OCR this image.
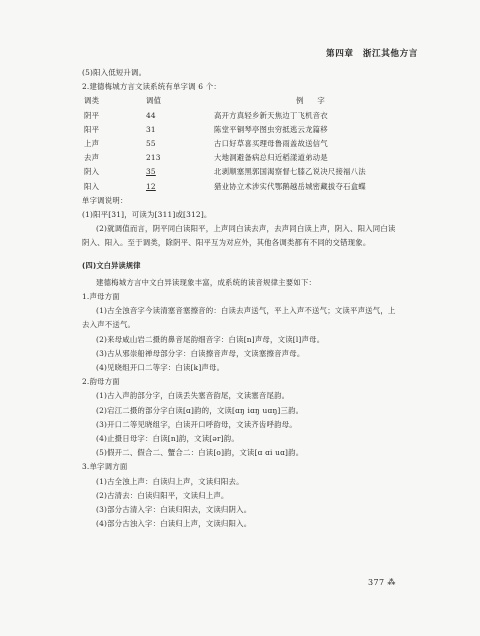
第四章　浙江其他方言
(5)阳入低短升调。
2.建德梅城方言文读系统有单字调 6 个：
调类	调值	例字
阴平	44	高开方真轻乡新天焦边丁飞机音衣
阳平	31	陈堂平铜琴亭图虫穷抵逃云龙篇移
上声	55	古口好草喜买理母鲁雨盖故送信气
去声	213	大地洞避备病总归近稻漾道弟动是
阴入	35	北剥顺塞黑郭国渴察督七膝乙说决尺接福八法
阳入	12	猎业协立术涉实代鄂鹅越岳城密藏拔夺石盒蝶
单字调说明：
(1)阳平[31]，可读为[311]或[312]。
(2)就调值而言，阴平同白读阳平，上声同白读去声，去声同白读上声，阴入、阳入同白读
阴入、阳入。至于调类，除阴平、阳平互为对应外，其他各调类都有不同的交错现象。
(四)文白异读规律
建德梅城方言中文白异读现象丰富，成系统的读音规律主要如下：
1.声母方面
(1)古全浊音字今读清塞音塞擦音的：白读去声送气，平上入声不送气；文读平声送气，上
去入声不送气。
(2)来母咸山岩二摄的鼻音尾韵细音字：白读[n]声母，文读[l]声母。
(3)古从邪崇船禅母部分字：白读擦音声母，文读塞擦音声母。
(4)见晓组开口二等字：白读[k]声母。
2.韵母方面
(1)古入声韵部分字，白读丢失塞音韵尾，文读塞音尾韵。
(2)宕江二摄的部分字白读[ɑ]韵的，文读[ɑŋ iɑŋ uɑŋ]三韵。
(3)开口二等见晓组字，白读开口呼韵母，文读齐齿呼韵母。
(4)止摄日母字：白读[n]韵，文读[ər]韵。
(5)假开二、假合二、蟹合二：白读[o]韵，文读[ɑ ɑi uɑ]韵。
3.单字调方面
(1)古全浊上声：白读归上声，文读归阳去。
(2)古清去：白读归阳平，文读归上声。
(3)部分古清入字：白读归阳去，文读归阴入。
(4)部分古浊入字：白读归上声，文读归阳入。
377 ⁂
